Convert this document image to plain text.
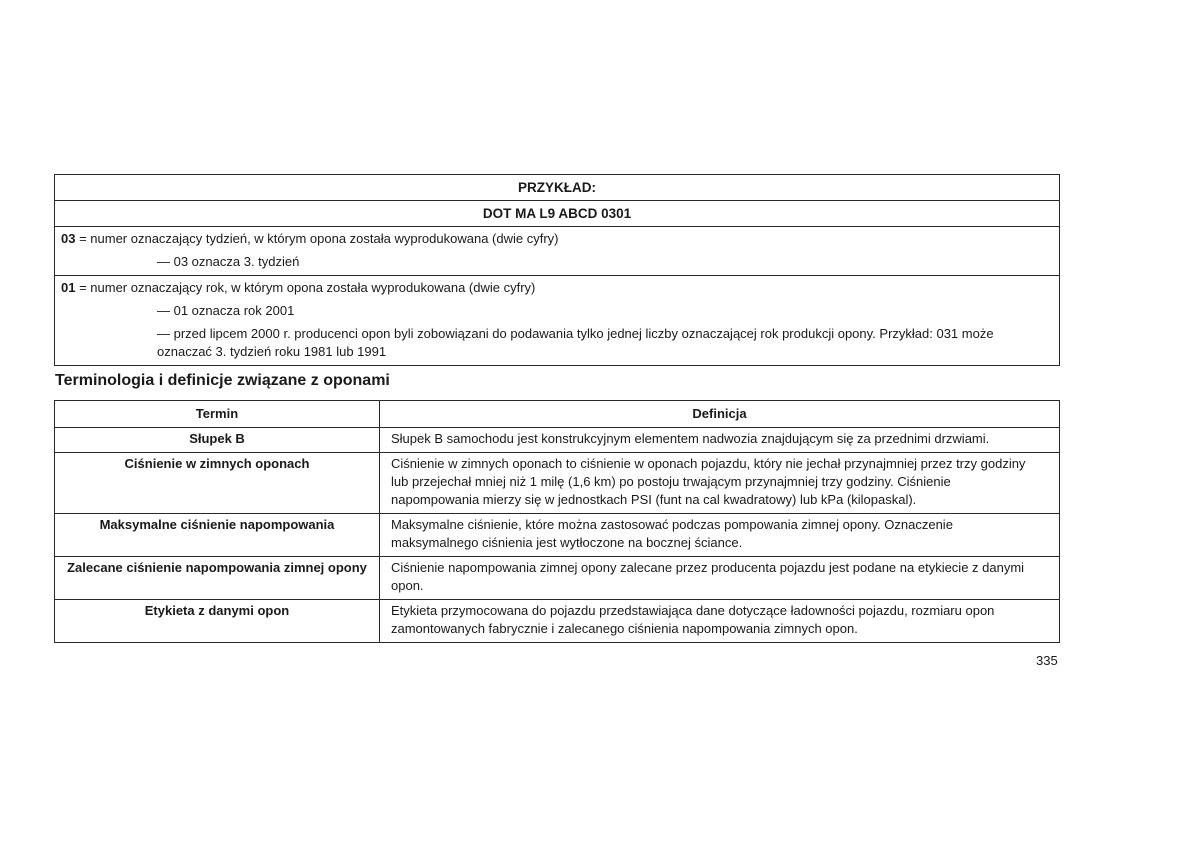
PRZYKŁAD:
DOT MA L9 ABCD 0301
03 = numer oznaczający tydzień, w którym opona została wyprodukowana (dwie cyfry)
— 03 oznacza 3. tydzień
01 = numer oznaczający rok, w którym opona została wyprodukowana (dwie cyfry)
— 01 oznacza rok 2001
— przed lipcem 2000 r. producenci opon byli zobowiązani do podawania tylko jednej liczby oznaczającej rok produkcji opony. Przykład: 031 może oznaczać 3. tydzień roku 1981 lub 1991
Terminologia i definicje związane z oponami
Termin	Definicja
Słupek B	Słupek B samochodu jest konstrukcyjnym elementem nadwozia znajdującym się za przednimi drzwiami.
Ciśnienie w zimnych oponach	Ciśnienie w zimnych oponach to ciśnienie w oponach pojazdu, który nie jechał przynajmniej przez trzy godziny lub przejechał mniej niż 1 milę (1,6 km) po postoju trwającym przynajmniej trzy godziny. Ciśnienie napompowania mierzy się w jednostkach PSI (funt na cal kwadratowy) lub kPa (kilopaskal).
Maksymalne ciśnienie napompowania	Maksymalne ciśnienie, które można zastosować podczas pompowania zimnej opony. Oznaczenie maksymalnego ciśnienia jest wytłoczone na bocznej ściance.
Zalecane ciśnienie napompowania zimnej opony	Ciśnienie napompowania zimnej opony zalecane przez producenta pojazdu jest podane na etykiecie z danymi opon.
Etykieta z danymi opon	Etykieta przymocowana do pojazdu przedstawiająca dane dotyczące ładowności pojazdu, rozmiaru opon zamontowanych fabrycznie i zalecanego ciśnienia napompowania zimnych opon.
335
